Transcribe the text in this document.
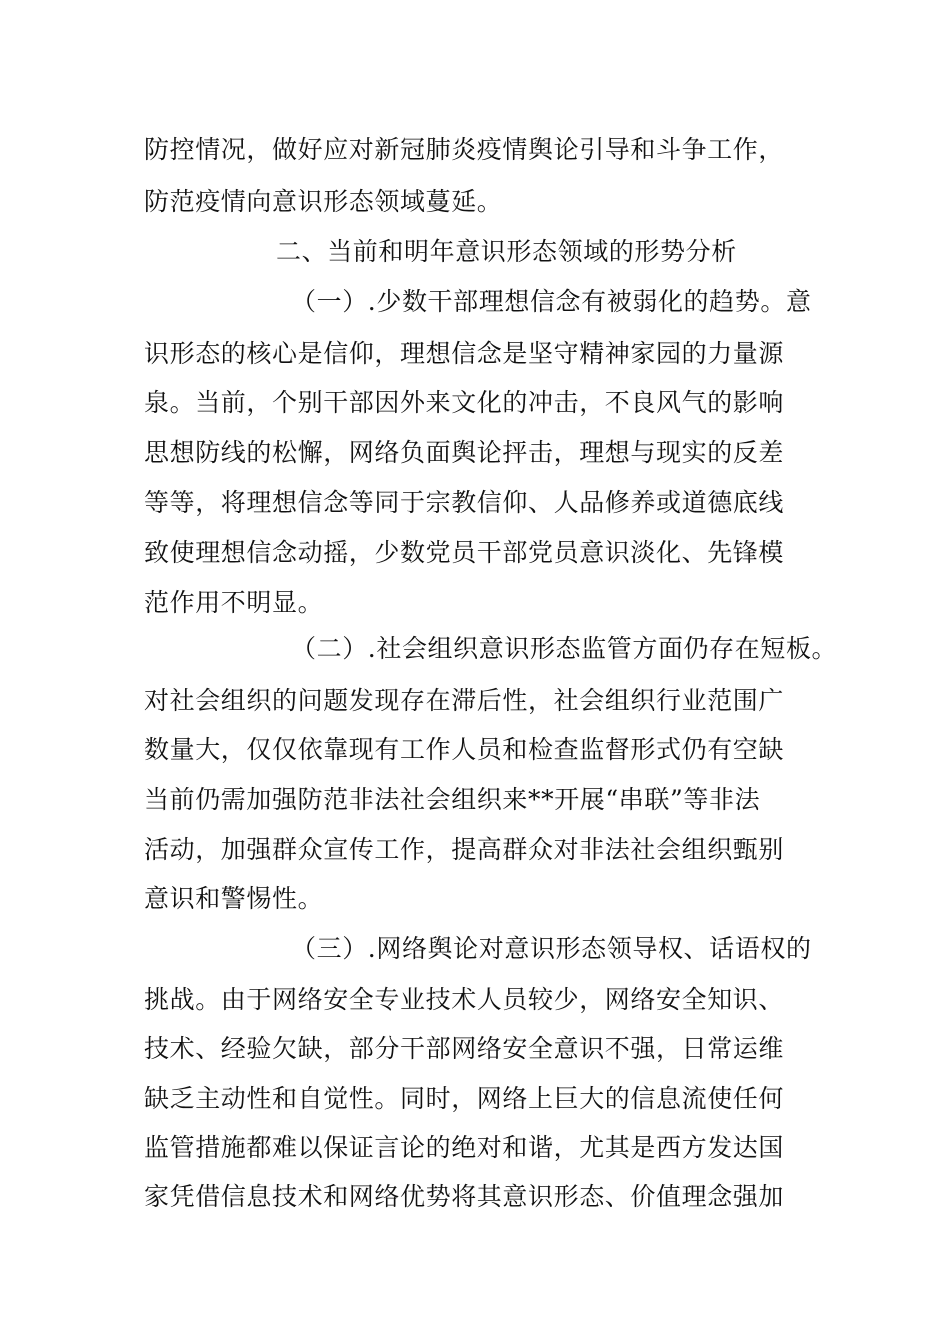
防控情况，做好应对新冠肺炎疫情舆论引导和斗争工作，
防范疫情向意识形态领域蔓延。
二、当前和明年意识形态领域的形势分析
（一）.少数干部理想信念有被弱化的趋势。意
识形态的核心是信仰，理想信念是坚守精神家园的力量源
泉。当前，个别干部因外来文化的冲击，不良风气的影响
思想防线的松懈，网络负面舆论抨击，理想与现实的反差
等等，将理想信念等同于宗教信仰、人品修养或道德底线
致使理想信念动摇，少数党员干部党员意识淡化、先锋模
范作用不明显。
（二）.社会组织意识形态监管方面仍存在短板。
对社会组织的问题发现存在滞后性，社会组织行业范围广
数量大，仅仅依靠现有工作人员和检查监督形式仍有空缺
当前仍需加强防范非法社会组织来**开展“串联”等非法
活动，加强群众宣传工作，提高群众对非法社会组织甄别
意识和警惕性。
（三）.网络舆论对意识形态领导权、话语权的
挑战。由于网络安全专业技术人员较少，网络安全知识、
技术、经验欠缺，部分干部网络安全意识不强，日常运维
缺乏主动性和自觉性。同时，网络上巨大的信息流使任何
监管措施都难以保证言论的绝对和谐，尤其是西方发达国
家凭借信息技术和网络优势将其意识形态、价值理念强加
